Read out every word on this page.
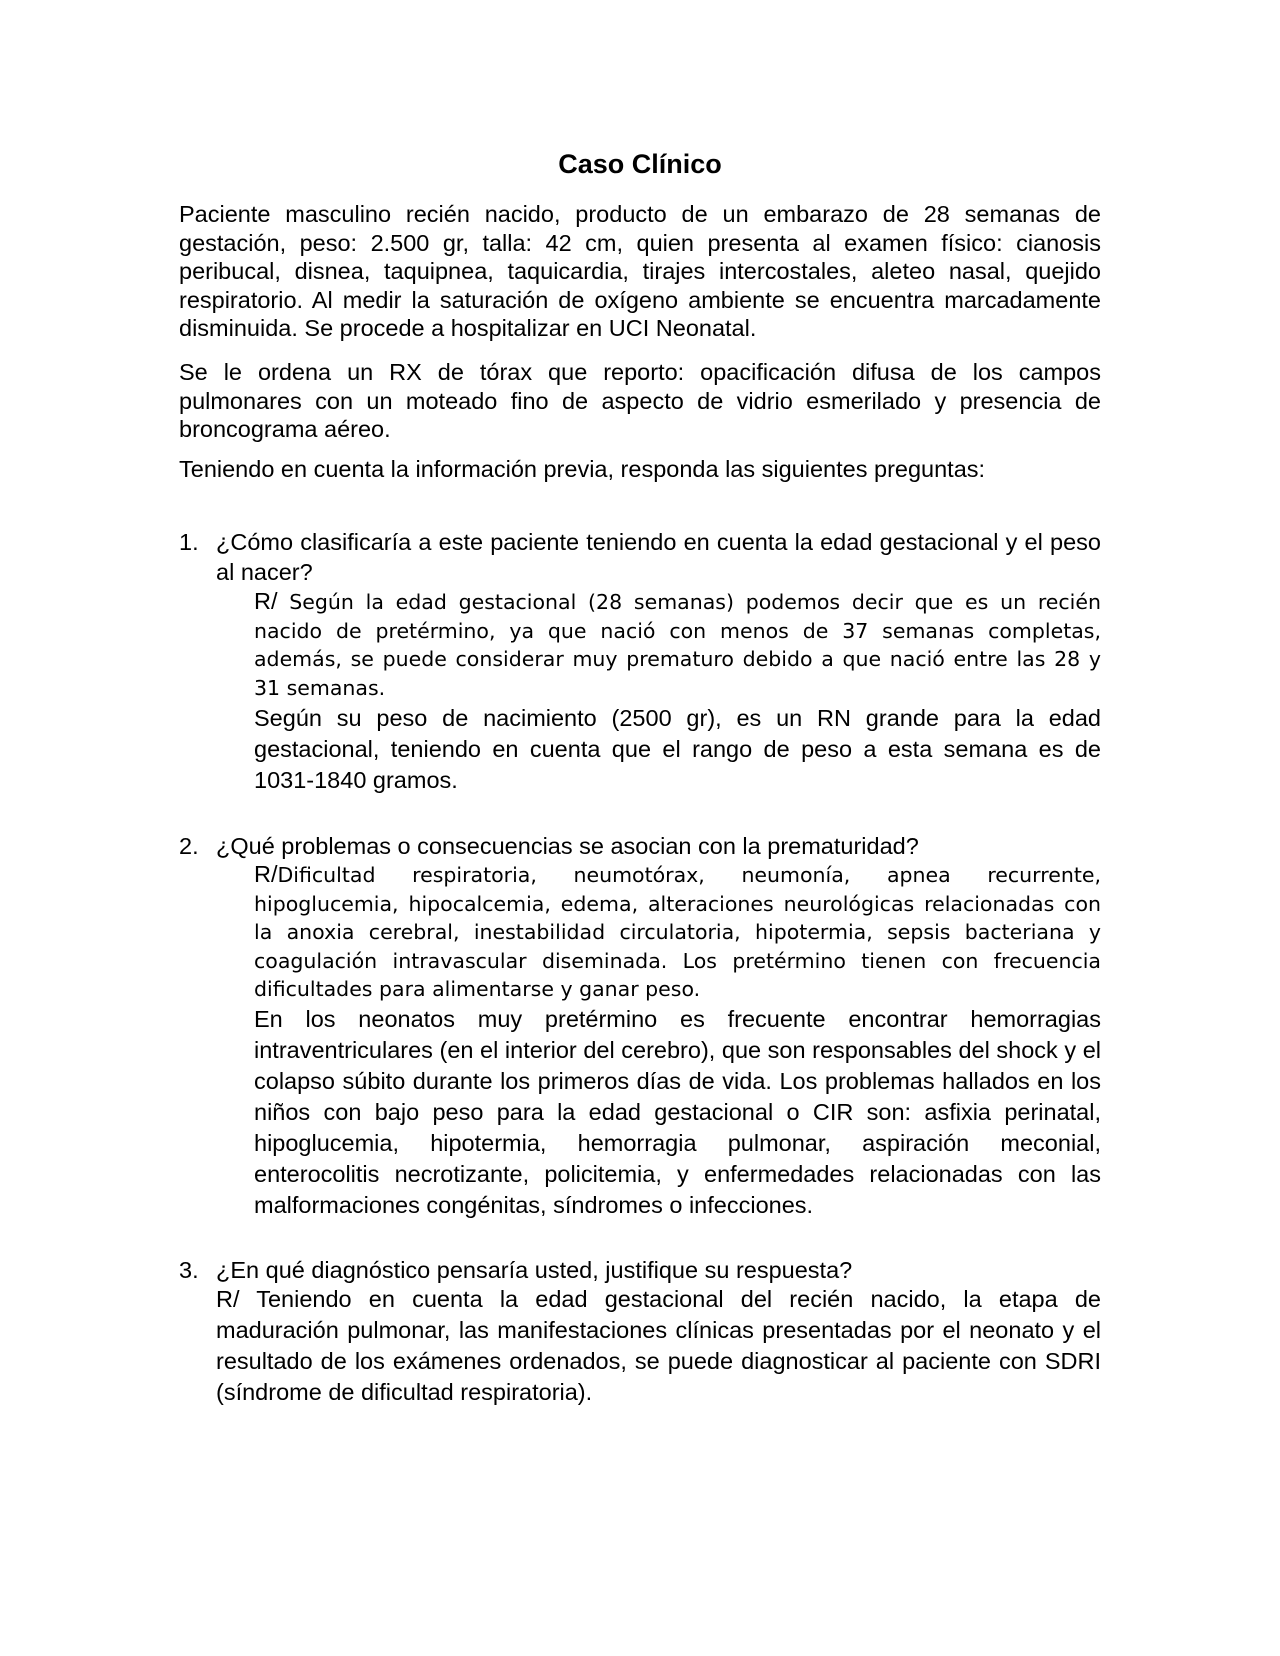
Caso Clínico

Paciente masculino recién nacido, producto de un embarazo de 28 semanas de gestación, peso: 2.500 gr, talla: 42 cm, quien presenta al examen físico: cianosis peribucal, disnea, taquipnea, taquicardia, tirajes intercostales, aleteo nasal, quejido respiratorio. Al medir la saturación de oxígeno ambiente se encuentra marcadamente disminuida. Se procede a hospitalizar en UCI Neonatal.

Se le ordena un RX de tórax que reporto: opacificación difusa de los campos pulmonares con un moteado fino de aspecto de vidrio esmerilado y presencia de broncograma aéreo.

Teniendo en cuenta la información previa, responda las siguientes preguntas:

1. ¿Cómo clasificaría a este paciente teniendo en cuenta la edad gestacional y el peso al nacer?

R/ Según la edad gestacional (28 semanas) podemos decir que es un recién nacido de pretérmino, ya que nació con menos de 37 semanas completas, además, se puede considerar muy prematuro debido a que nació entre las 28 y 31 semanas.

Según su peso de nacimiento (2500 gr), es un RN grande para la edad gestacional, teniendo en cuenta que el rango de peso a esta semana es de 1031-1840 gramos.

2. ¿Qué problemas o consecuencias se asocian con la prematuridad?

R/Dificultad respiratoria, neumotórax, neumonía, apnea recurrente, hipoglucemia, hipocalcemia, edema, alteraciones neurológicas relacionadas con la anoxia cerebral, inestabilidad circulatoria, hipotermia, sepsis bacteriana y coagulación intravascular diseminada. Los pretérmino tienen con frecuencia dificultades para alimentarse y ganar peso.

En los neonatos muy pretérmino es frecuente encontrar hemorragias intraventriculares (en el interior del cerebro), que son responsables del shock y el colapso súbito durante los primeros días de vida. Los problemas hallados en los niños con bajo peso para la edad gestacional o CIR son: asfixia perinatal, hipoglucemia, hipotermia, hemorragia pulmonar, aspiración meconial, enterocolitis necrotizante, policitemia, y enfermedades relacionadas con las malformaciones congénitas, síndromes o infecciones.

3. ¿En qué diagnóstico pensaría usted, justifique su respuesta?

R/ Teniendo en cuenta la edad gestacional del recién nacido, la etapa de maduración pulmonar, las manifestaciones clínicas presentadas por el neonato y el resultado de los exámenes ordenados, se puede diagnosticar al paciente con SDRI (síndrome de dificultad respiratoria).
